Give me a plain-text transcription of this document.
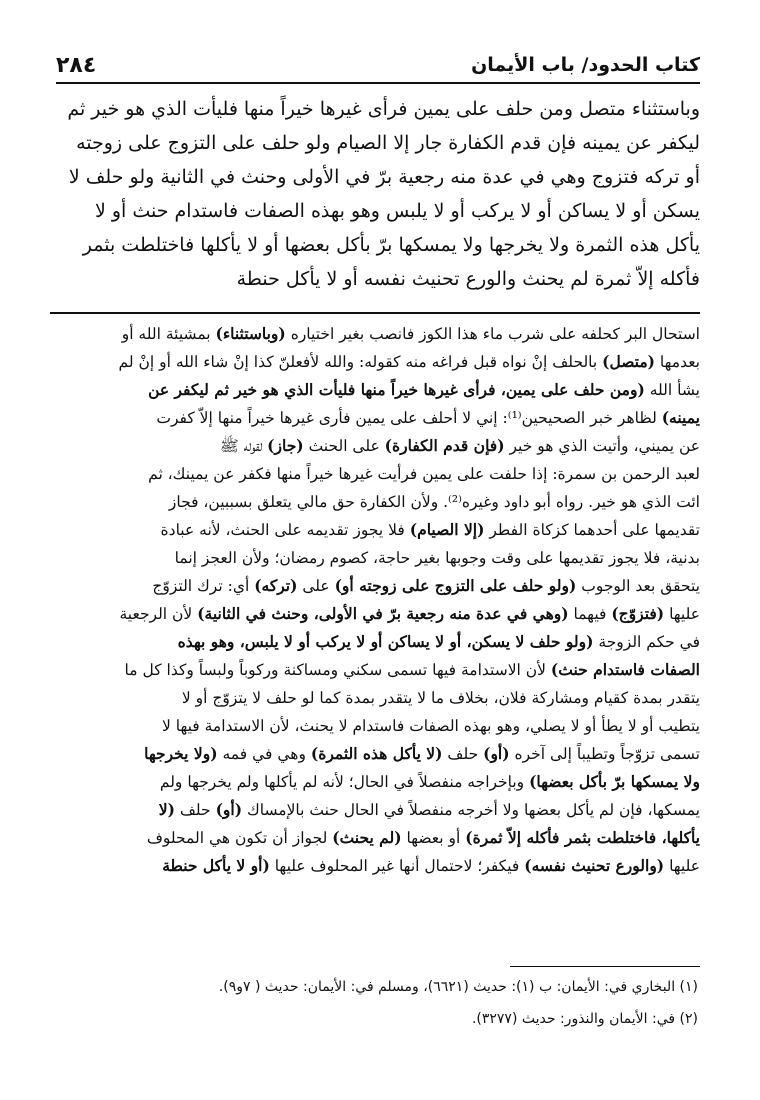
٢٨٤	كتاب الحدود/ باب الأيمان
وباستثناء متصل ومن حلف على يمين فرأى غيرها خيراً منها فليأت الذي هو خير ثم
ليكفر عن يمينه فإن قدم الكفارة جار إلا الصيام ولو حلف على التزوج على زوجته
أو تركه فتزوج وهي في عدة منه رجعية برّ في الأولى وحنث في الثانية ولو حلف لا
يسكن أو لا يساكن أو لا يركب أو لا يلبس وهو بهذه الصفات فاستدام حنث أو لا
يأكل هذه الثمرة ولا يخرجها ولا يمسكها برّ بأكل بعضها أو لا يأكلها فاختلطت بثمر
فأكله إلاّ ثمرة لم يحنث والورع تحنيث نفسه أو لا يأكل حنطة
استحال البر كحلفه على شرب ماء هذا الكوز فانصب بغير اختياره (وباستثناء) بمشيئة الله أو
بعدمها (متصل) بالحلف إنْ نواه قبل فراغه منه كقوله: والله لأفعلنّ كذا إنْ شاء الله أو إنْ لم
يشأ الله (ومن حلف على يمين، فرأى غيرها خيراً منها فليأت الذي هو خير ثم ليكفر عن
يمينه) لظاهر خبر الصحيحين⁽¹⁾: إني لا أحلف على يمين فأرى غيرها خيراً منها إلاّ كفرت
عن يميني، وأتيت الذي هو خير (فإن قدم الكفارة) على الحنث (جاز) لقوله ﷺ
لعبد الرحمن بن سمرة: إذا حلفت على يمين فرأيت غيرها خيراً منها فكفر عن يمينك، ثم
ائت الذي هو خير. رواه أبو داود وغيره⁽²⁾. ولأن الكفارة حق مالي يتعلق بسببين، فجاز
تقديمها على أحدهما كزكاة الفطر (إلا الصيام) فلا يجوز تقديمه على الحنث، لأنه عبادة
بدنية، فلا يجوز تقديمها على وقت وجوبها بغير حاجة، كصوم رمضان؛ ولأن العجز إنما
يتحقق بعد الوجوب (ولو حلف على التزوج على زوجته أو) على (تركه) أي: ترك التزوّج
عليها (فتزوّج) فيهما (وهي في عدة منه رجعية برّ في الأولى، وحنث في الثانية) لأن الرجعية
في حكم الزوجة (ولو حلف لا يسكن، أو لا يساكن أو لا يركب أو لا يلبس، وهو بهذه
الصفات فاستدام حنث) لأن الاستدامة فيها تسمى سكني ومساكنة وركوباً ولبساً وكذا كل ما
يتقدر بمدة كقيام ومشاركة فلان، بخلاف ما لا يتقدر بمدة كما لو حلف لا يتزوّج أو لا
يتطيب أو لا يطأ أو لا يصلي، وهو بهذه الصفات فاستدام لا يحنث، لأن الاستدامة فيها لا
تسمى تزوّجاً وتطيباً إلى آخره (أو) حلف (لا يأكل هذه الثمرة) وهي في فمه (ولا يخرجها
ولا يمسكها برّ بأكل بعضها) وبإخراجه منفصلاً في الحال؛ لأنه لم يأكلها ولم يخرجها ولم
يمسكها، فإن لم يأكل بعضها ولا أخرجه منفصلاً في الحال حنث بالإمساك (أو) حلف (لا
يأكلها، فاختلطت بثمر فأكله إلاّ ثمرة) أو بعضها (لم يحنث) لجواز أن تكون هي المحلوف
عليها (والورع تحنيث نفسه) فيكفر؛ لاحتمال أنها غير المحلوف عليها (أو لا يأكل حنطة
(١) البخاري في: الأيمان: ب (١): حديث (٦٦٢١)، ومسلم في: الأيمان: حديث ( ٧و٩).
(٢) في: الأيمان والنذور: حديث (٣٢٧٧).
